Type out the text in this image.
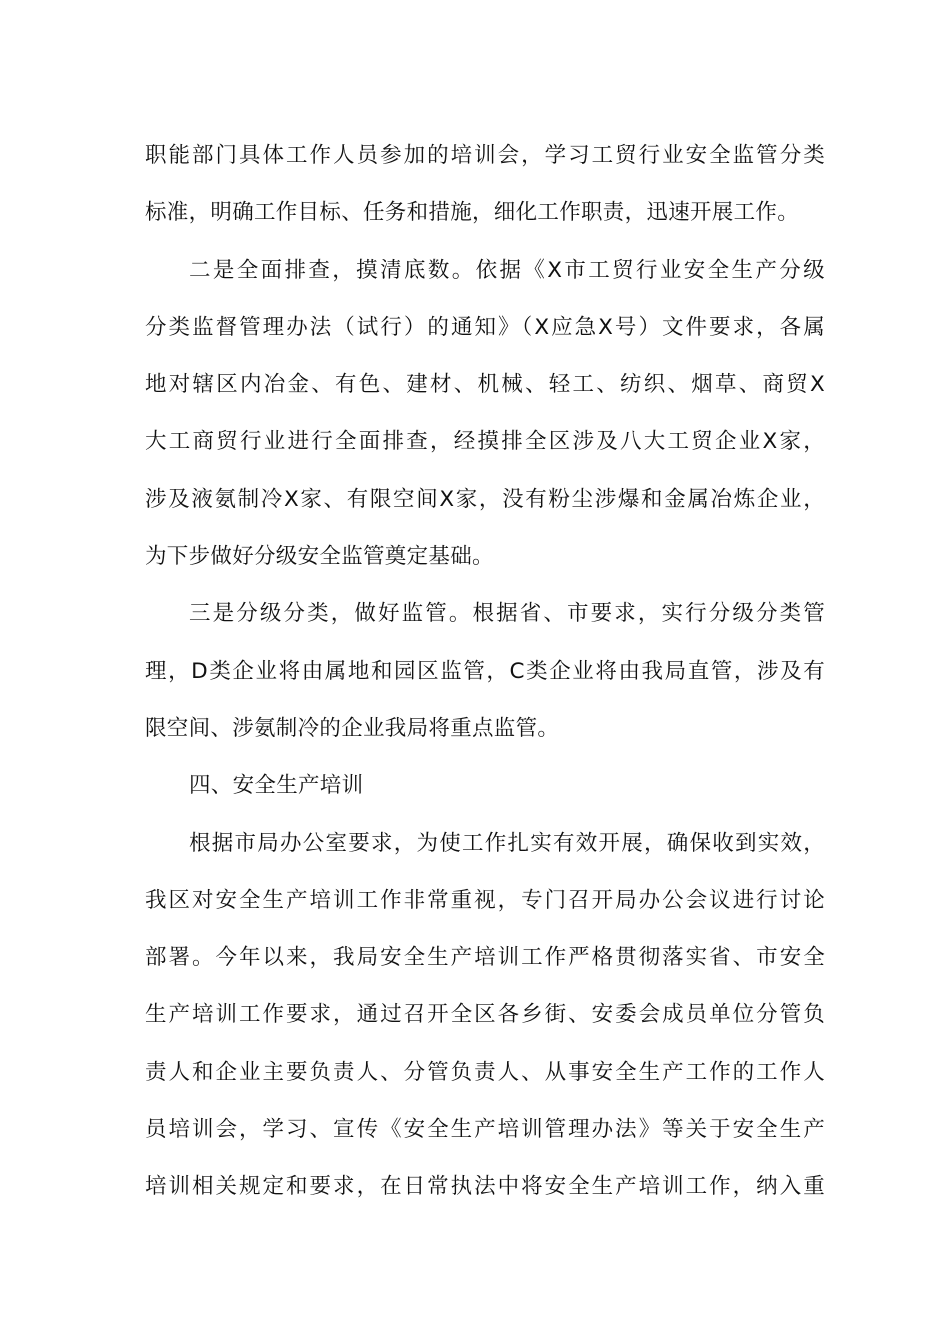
职能部门具体工作人员参加的培训会，学习工贸行业安全监管分类
标准，明确工作目标、任务和措施，细化工作职责，迅速开展工作。
二是全面排查，摸清底数。依据《X市工贸行业安全生产分级
分类监督管理办法（试行）的通知》（X应急X号）文件要求，各属
地对辖区内冶金、有色、建材、机械、轻工、纺织、烟草、商贸X
大工商贸行业进行全面排查，经摸排全区涉及八大工贸企业X家，
涉及液氨制冷X家、有限空间X家，没有粉尘涉爆和金属冶炼企业，
为下步做好分级安全监管奠定基础。
三是分级分类，做好监管。根据省、市要求，实行分级分类管
理，D类企业将由属地和园区监管，C类企业将由我局直管，涉及有
限空间、涉氨制冷的企业我局将重点监管。
四、安全生产培训
根据市局办公室要求，为使工作扎实有效开展，确保收到实效，
我区对安全生产培训工作非常重视，专门召开局办公会议进行讨论
部署。今年以来，我局安全生产培训工作严格贯彻落实省、市安全
生产培训工作要求，通过召开全区各乡街、安委会成员单位分管负
责人和企业主要负责人、分管负责人、从事安全生产工作的工作人
员培训会，学习、宣传《安全生产培训管理办法》等关于安全生产
培训相关规定和要求，在日常执法中将安全生产培训工作，纳入重
